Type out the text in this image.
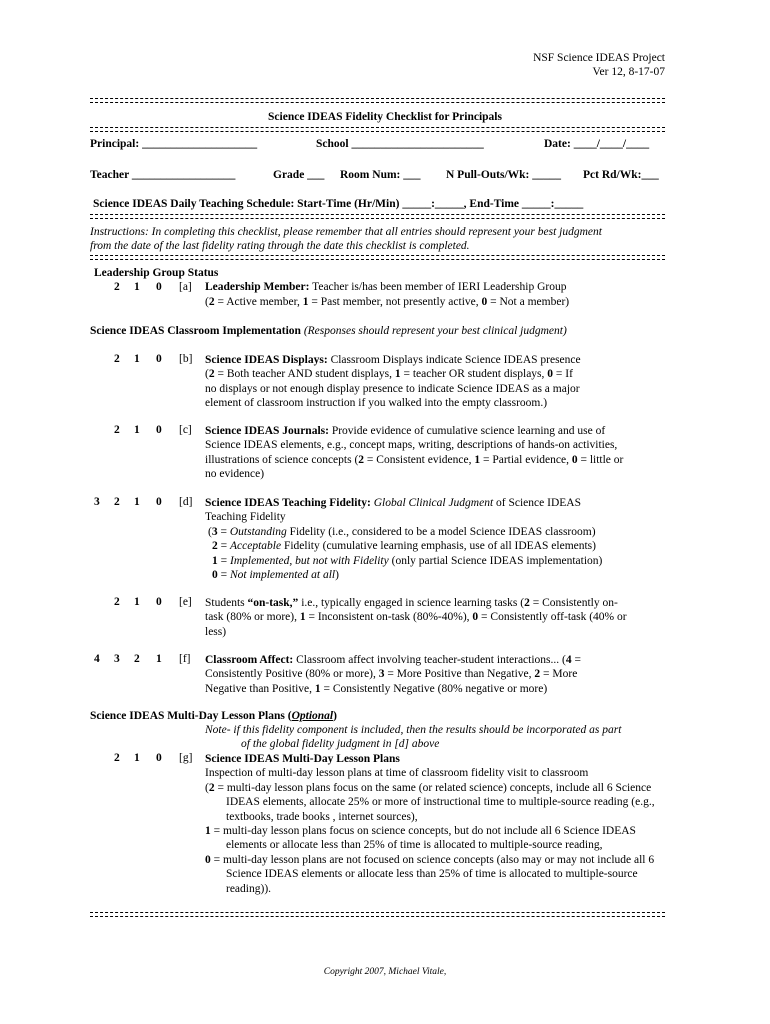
NSF Science IDEAS Project
Ver 12, 8-17-07
Science IDEAS Fidelity Checklist for Principals
Principal: ____________________	School _______________________	Date: ____/____/____
Teacher __________________	Grade ___ Room Num: ___ N Pull-Outs/Wk: _____ Pct Rd/Wk:___
Science IDEAS Daily Teaching Schedule: Start-Time (Hr/Min) _____:_____, End-Time _____:_____
Instructions: In completing this checklist, please remember that all entries should represent your best judgment
from the date of the last fidelity rating through the date this checklist is completed.
Leadership Group Status
2 1 0 [a] Leadership Member: Teacher is/has been member of IERI Leadership Group
(2 = Active member, 1 = Past member, not presently active, 0 = Not a member)
Science IDEAS Classroom Implementation (Responses should represent your best clinical judgment)
2 1 0 [b] Science IDEAS Displays: Classroom Displays indicate Science IDEAS presence
(2 = Both teacher AND student displays, 1 = teacher OR student displays, 0 = If
no displays or not enough display presence to indicate Science IDEAS as a major
element of classroom instruction if you walked into the empty classroom.)
2 1 0 [c] Science IDEAS Journals: Provide evidence of cumulative science learning and use of
Science IDEAS elements, e.g., concept maps, writing, descriptions of hands-on activities,
illustrations of science concepts (2 = Consistent evidence, 1 = Partial evidence, 0 = little or
no evidence)
3 2 1 0 [d] Science IDEAS Teaching Fidelity: Global Clinical Judgment of Science IDEAS
Teaching Fidelity
(3 = Outstanding Fidelity (i.e., considered to be a model Science IDEAS classroom)
2 = Acceptable Fidelity (cumulative learning emphasis, use of all IDEAS elements)
1 = Implemented, but not with Fidelity (only partial Science IDEAS implementation)
0 = Not implemented at all)
2 1 0 [e] Students “on-task,” i.e., typically engaged in science learning tasks (2 = Consistently on-
task (80% or more), 1 = Inconsistent on-task (80%-40%), 0 = Consistently off-task (40% or
less)
4 3 2 1 [f] Classroom Affect: Classroom affect involving teacher-student interactions... (4 =
Consistently Positive (80% or more), 3 = More Positive than Negative, 2 = More
Negative than Positive, 1 = Consistently Negative (80% negative or more)
Science IDEAS Multi-Day Lesson Plans (Optional)
Note- if this fidelity component is included, then the results should be incorporated as part
of the global fidelity judgment in [d] above
2 1 0 [g] Science IDEAS Multi-Day Lesson Plans
Inspection of multi-day lesson plans at time of classroom fidelity visit to classroom
(2 = multi-day lesson plans focus on the same (or related science) concepts, include all 6 Science IDEAS elements, allocate 25% or more of instructional time to multiple-source reading (e.g., textbooks, trade books , internet sources),
1 = multi-day lesson plans focus on science concepts, but do not include all 6 Science IDEAS elements or allocate less than 25% of time is allocated to multiple-source reading,
0 = multi-day lesson plans are not focused on science concepts (also may or may not include all 6 Science IDEAS elements or allocate less than 25% of time is allocated to multiple-source reading)).
Copyright 2007, Michael Vitale,
